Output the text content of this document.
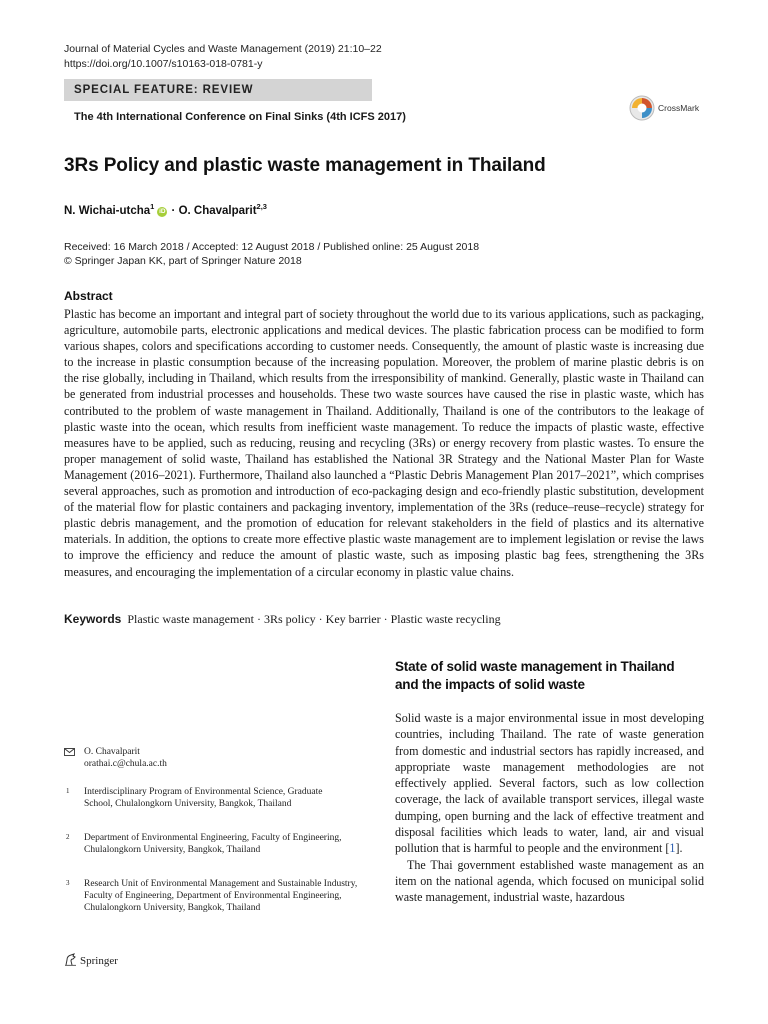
Journal of Material Cycles and Waste Management (2019) 21:10–22
https://doi.org/10.1007/s10163-018-0781-y
SPECIAL FEATURE: REVIEW
The 4th International Conference on Final Sinks (4th ICFS 2017)
CrossMark
3Rs Policy and plastic waste management in Thailand
N. Wichai-utcha$^1$iD · O. Chavalparit$^{2,3}$
Received: 16 March 2018 / Accepted: 12 August 2018 / Published online: 25 August 2018
© Springer Japan KK, part of Springer Nature 2018
Abstract
Plastic has become an important and integral part of society throughout the world due to its various applications, such as packaging, agriculture, automobile parts, electronic applications and medical devices. The plastic fabrication process can be modified to form various shapes, colors and specifications according to customer needs. Consequently, the amount of plastic waste is increasing due to the increase in plastic consumption because of the increasing population. Moreover, the problem of marine plastic debris is on the rise globally, including in Thailand, which results from the irresponsibility of mankind. Generally, plastic waste in Thailand can be generated from industrial processes and households. These two waste sources have caused the rise in plastic waste, which has contributed to the problem of waste management in Thailand. Additionally, Thailand is one of the contributors to the leakage of plastic waste into the ocean, which results from inefficient waste management. To reduce the impacts of plastic waste, effective measures have to be applied, such as reducing, reusing and recycling (3Rs) or energy recovery from plastic wastes. To ensure the proper management of solid waste, Thailand has established the National 3R Strategy and the National Master Plan for Waste Management (2016–2021). Furthermore, Thailand also launched a “Plastic Debris Management Plan 2017–2021”, which comprises several approaches, such as promotion and introduction of eco-packaging design and eco-friendly plastic substitution, development of the material flow for plastic containers and packaging inventory, implementation of the 3Rs (reduce–reuse–recycle) strategy for plastic debris management, and the promotion of education for relevant stakeholders in the field of plastics and its alternative materials. In addition, the options to create more effective plastic waste management are to implement legislation or revise the laws to improve the efficiency and reduce the amount of plastic waste, such as imposing plastic bag fees, strengthening the 3Rs measures, and encouraging the implementation of a circular economy in plastic value chains.
Keywords Plastic waste management · 3Rs policy · Key barrier · Plastic waste recycling
State of solid waste management in Thailand
and the impacts of solid waste

Solid waste is a major environmental issue in most developing countries, including Thailand. The rate of waste generation from domestic and industrial sectors has rapidly increased, and appropriate waste management methodologies are not effectively applied. Several factors, such as low collection coverage, the lack of available transport services, illegal waste dumping, open burning and the lack of effective treatment and disposal facilities which leads to water, land, air and visual pollution that is harmful to people and the environment [1].

The Thai government established waste management as an item on the national agenda, which focused on municipal solid waste management, industrial waste, hazardous

O. Chavalparit
orathai.c@chula.ac.th
1 Interdisciplinary Program of Environmental Science, Graduate School, Chulalongkorn University, Bangkok, Thailand
2 Department of Environmental Engineering, Faculty of Engineering, Chulalongkorn University, Bangkok, Thailand
3 Research Unit of Environmental Management and Sustainable Industry, Faculty of Engineering, Department of Environmental Engineering, Chulalongkorn University, Bangkok, Thailand
Springer
